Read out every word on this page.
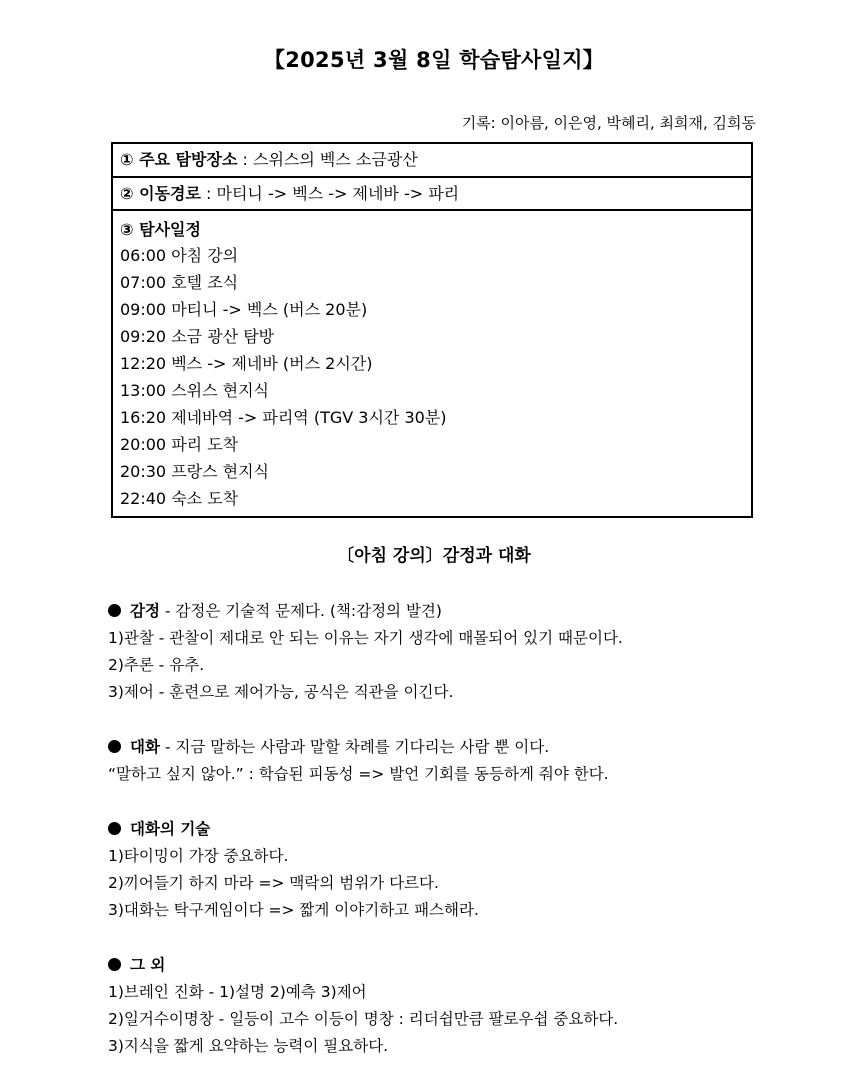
【2025년 3월 8일 학습탐사일지】
기록: 이아름, 이은영, 박혜리, 최희재, 김희동
① 주요 탐방장소 : 스위스의 벡스 소금광산
② 이동경로 : 마티니 -> 벡스 -> 제네바 -> 파리
③ 탐사일정
06:00 아침 강의
07:00 호텔 조식
09:00 마티니 -> 벡스 (버스 20분)
09:20 소금 광산 탐방
12:20 벡스 -> 제네바 (버스 2시간)
13:00 스위스 현지식
16:20 제네바역 -> 파리역 (TGV 3시간 30분)
20:00 파리 도착
20:30 프랑스 현지식
22:40 숙소 도착
〔아침 강의〕감정과 대화
감정 - 감정은 기술적 문제다. (책:감정의 발견)
1)관찰 - 관찰이 제대로 안 되는 이유는 자기 생각에 매몰되어 있기 때문이다.
2)추론 - 유추.
3)제어 - 훈련으로 제어가능, 공식은 직관을 이긴다.
대화 - 지금 말하는 사람과 말할 차례를 기다리는 사람 뿐 이다.
“말하고 싶지 않아.” : 학습된 피동성 => 발언 기회를 동등하게 줘야 한다.
대화의 기술
1)타이밍이 가장 중요하다.
2)끼어들기 하지 마라 => 맥락의 범위가 다르다.
3)대화는 탁구게임이다 => 짧게 이야기하고 패스해라.
그 외
1)브레인 진화 - 1)설명 2)예측 3)제어
2)일거수이명창 - 일등이 고수 이등이 명창 : 리더쉽만큼 팔로우쉽 중요하다.
3)지식을 짧게 요약하는 능력이 필요하다.
